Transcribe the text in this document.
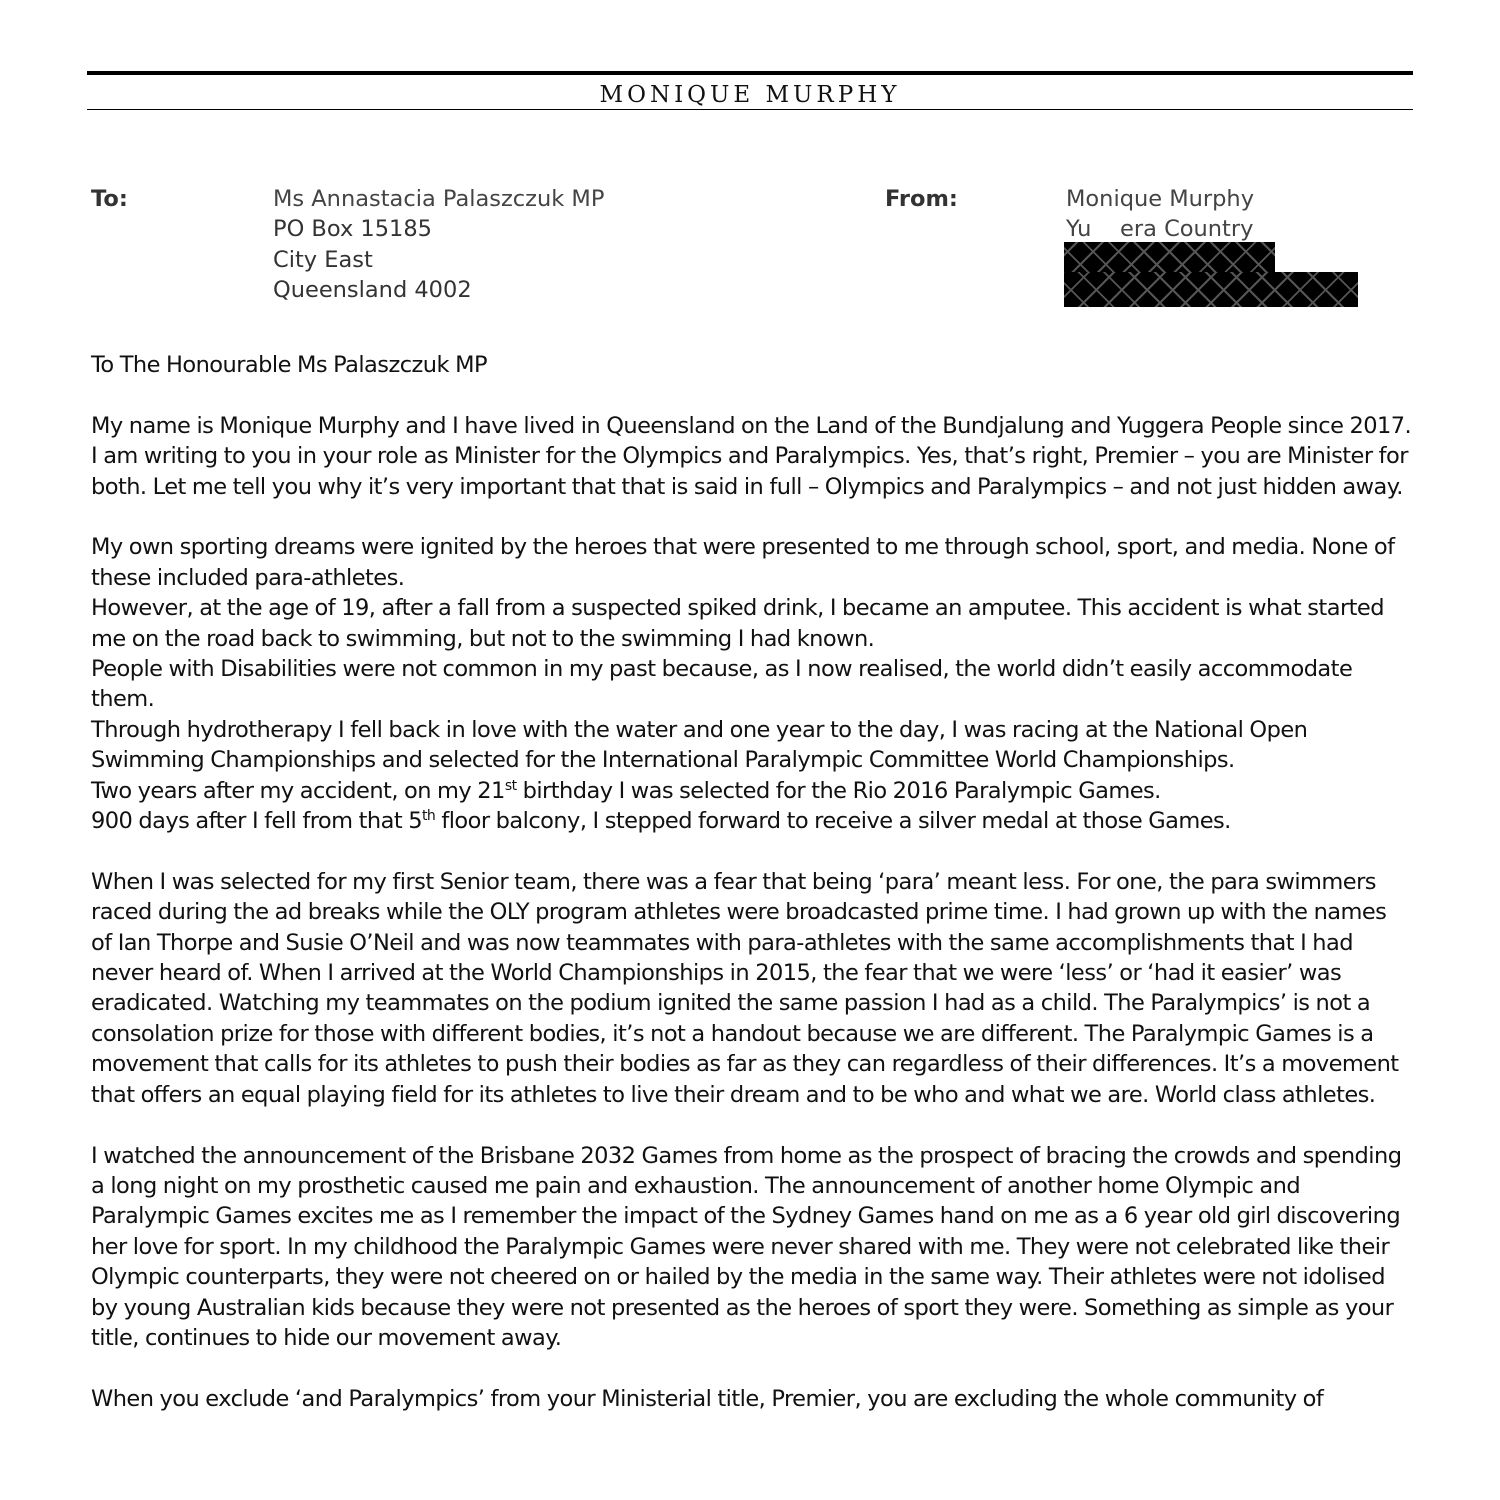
MONIQUE MURPHY
To:	Ms Annastacia Palaszczuk MP
PO Box 15185
City East
Queensland 4002
From:	Monique Murphy
Yu    era Country

To The Honourable Ms Palaszczuk MP

My name is Monique Murphy and I have lived in Queensland on the Land of the Bundjalung and Yuggera People since 2017.

I am writing to you in your role as Minister for the Olympics and Paralympics. Yes, that’s right, Premier – you are Minister for both. Let me tell you why it’s very important that that is said in full – Olympics and Paralympics – and not just hidden away.

My own sporting dreams were ignited by the heroes that were presented to me through school, sport, and media. None of these included para-athletes.

However, at the age of 19, after a fall from a suspected spiked drink, I became an amputee. This accident is what started me on the road back to swimming, but not to the swimming I had known.

People with Disabilities were not common in my past because, as I now realised, the world didn’t easily accommodate them.

Through hydrotherapy I fell back in love with the water and one year to the day, I was racing at the National Open Swimming Championships and selected for the International Paralympic Committee World Championships.

Two years after my accident, on my 21st birthday I was selected for the Rio 2016 Paralympic Games.

900 days after I fell from that 5th floor balcony, I stepped forward to receive a silver medal at those Games.

When I was selected for my first Senior team, there was a fear that being ‘para’ meant less. For one, the para swimmers raced during the ad breaks while the OLY program athletes were broadcasted prime time. I had grown up with the names of Ian Thorpe and Susie O’Neil and was now teammates with para-athletes with the same accomplishments that I had never heard of. When I arrived at the World Championships in 2015, the fear that we were ‘less’ or ‘had it easier’ was eradicated. Watching my teammates on the podium ignited the same passion I had as a child. The Paralympics’ is not a consolation prize for those with different bodies, it’s not a handout because we are different. The Paralympic Games is a movement that calls for its athletes to push their bodies as far as they can regardless of their differences. It’s a movement that offers an equal playing field for its athletes to live their dream and to be who and what we are. World class athletes.

I watched the announcement of the Brisbane 2032 Games from home as the prospect of bracing the crowds and spending a long night on my prosthetic caused me pain and exhaustion. The announcement of another home Olympic and Paralympic Games excites me as I remember the impact of the Sydney Games hand on me as a 6 year old girl discovering her love for sport. In my childhood the Paralympic Games were never shared with me. They were not celebrated like their Olympic counterparts, they were not cheered on or hailed by the media in the same way. Their athletes were not idolised by young Australian kids because they were not presented as the heroes of sport they were. Something as simple as your title, continues to hide our movement away.

When you exclude ‘and Paralympics’ from your Ministerial title, Premier, you are excluding the whole community of
